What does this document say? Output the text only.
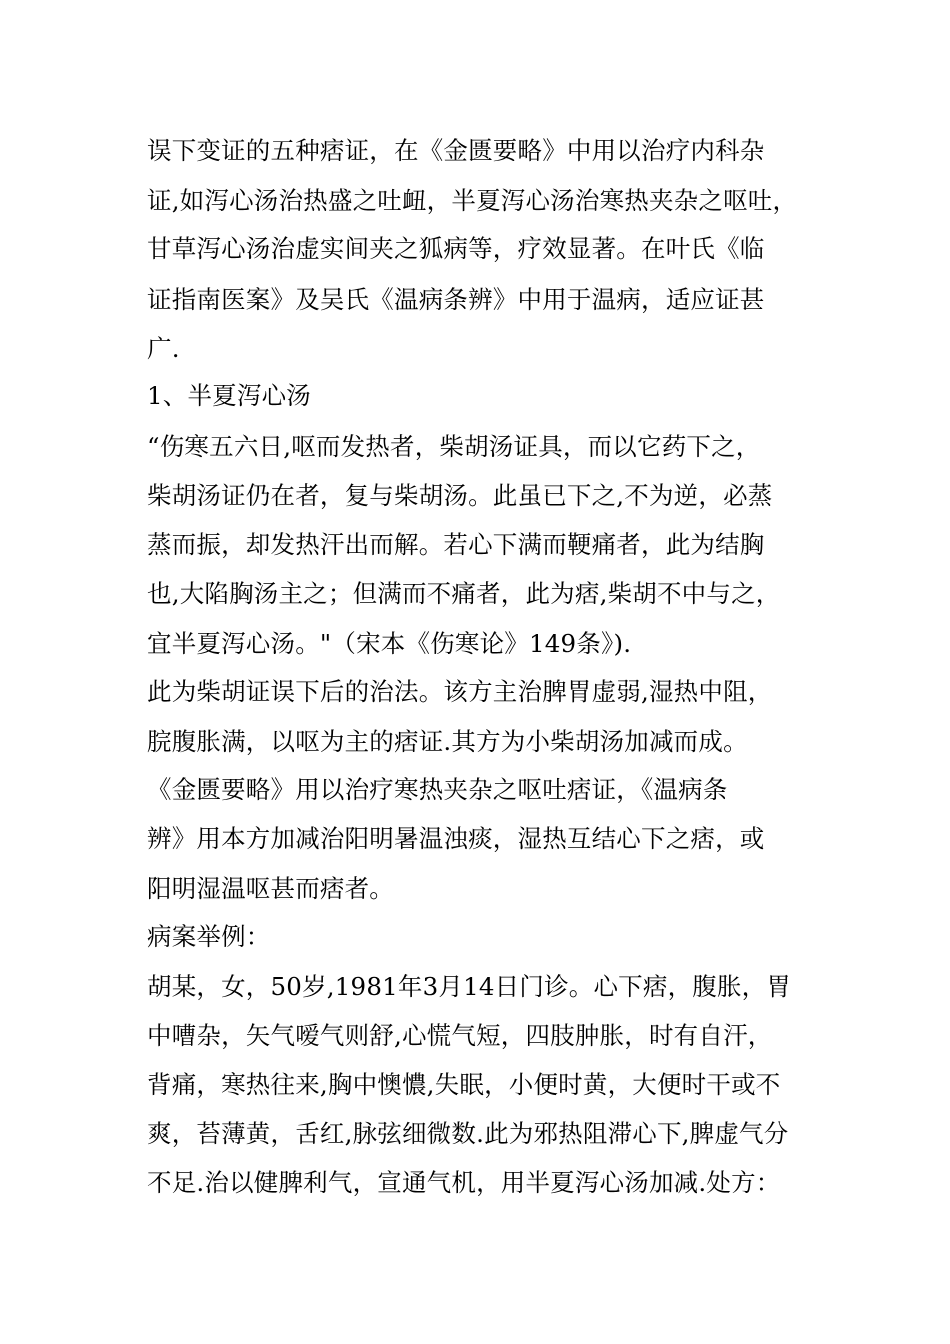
误下变证的五种痞证，在《金匮要略》中用以治疗内科杂
证,如泻心汤治热盛之吐衄，半夏泻心汤治寒热夹杂之呕吐，
甘草泻心汤治虚实间夹之狐病等，疗效显著。在叶氏《临
证指南医案》及吴氏《温病条辨》中用于温病，适应证甚
广.
1、半夏泻心汤
“伤寒五六日,呕而发热者，柴胡汤证具，而以它药下之，
柴胡汤证仍在者，复与柴胡汤。此虽已下之,不为逆，必蒸
蒸而振，却发热汗出而解。若心下满而鞕痛者，此为结胸
也,大陷胸汤主之；但满而不痛者，此为痞,柴胡不中与之，
宜半夏泻心汤。"（宋本《伤寒论》149条》).
此为柴胡证误下后的治法。该方主治脾胃虚弱,湿热中阻，
脘腹胀满，以呕为主的痞证.其方为小柴胡汤加减而成。
《金匮要略》用以治疗寒热夹杂之呕吐痞证，《温病条
辨》用本方加减治阳明暑温浊痰，湿热互结心下之痞，或
阳明湿温呕甚而痞者。
病案举例：
胡某，女，50岁,1981年3月14日门诊。心下痞，腹胀，胃
中嘈杂，矢气嗳气则舒,心慌气短，四肢肿胀，时有自汗，
背痛，寒热往来,胸中懊憹,失眠，小便时黄，大便时干或不
爽，苔薄黄，舌红,脉弦细微数.此为邪热阻滞心下,脾虚气分
不足.治以健脾利气，宣通气机，用半夏泻心汤加减.处方：
